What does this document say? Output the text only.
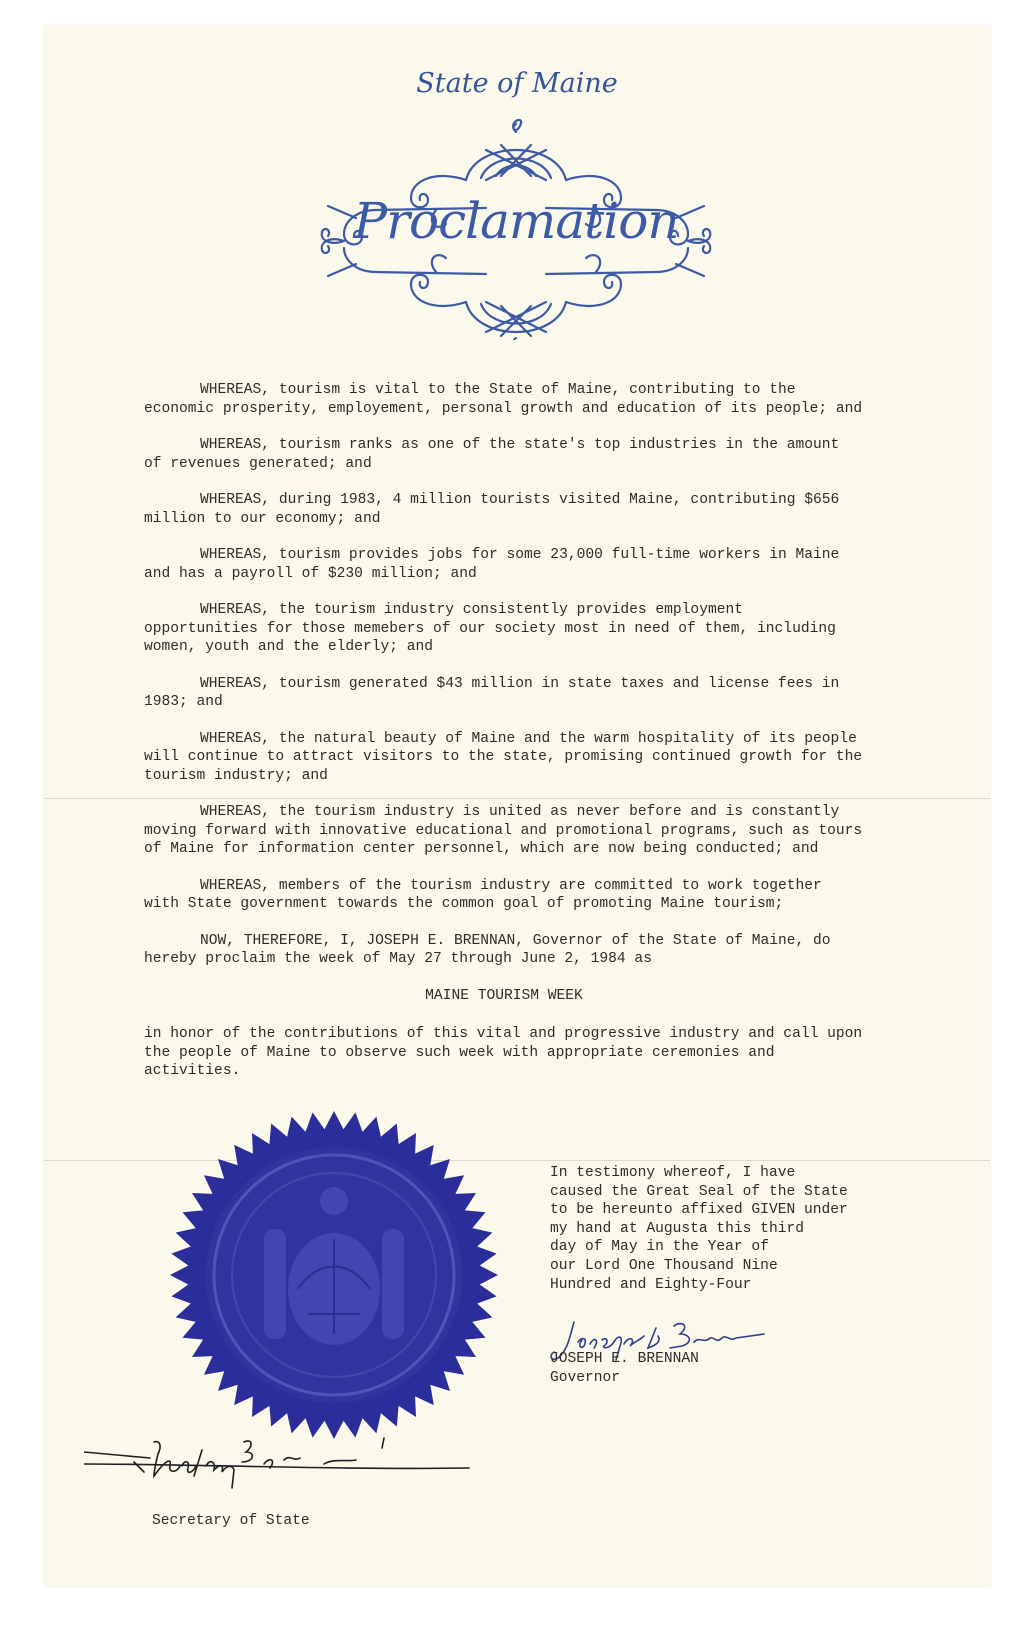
State of Maine
Proclamation

WHEREAS, tourism is vital to the State of Maine, contributing to the economic prosperity, employement, personal growth and education of its people; and

WHEREAS, tourism ranks as one of the state's top industries in the amount of revenues generated; and

WHEREAS, during 1983, 4 million tourists visited Maine, contributing $656 million to our economy; and

WHEREAS, tourism provides jobs for some 23,000 full-time workers in Maine and has a payroll of $230 million; and

WHEREAS, the tourism industry consistently provides employment opportunities for those memebers of our society most in need of them, including women, youth and the elderly; and

WHEREAS, tourism generated $43 million in state taxes and license fees in 1983; and

WHEREAS, the natural beauty of Maine and the warm hospitality of its people will continue to attract visitors to the state, promising continued growth for the tourism industry; and

WHEREAS, the tourism industry is united as never before and is constantly moving forward with innovative educational and promotional programs, such as tours of Maine for information center personnel, which are now being conducted; and

WHEREAS, members of the tourism industry are committed to work together with State government towards the common goal of promoting Maine tourism;

NOW, THEREFORE, I, JOSEPH E. BRENNAN, Governor of the State of Maine, do hereby proclaim the week of May 27 through June 2, 1984 as

MAINE TOURISM WEEK

in honor of the contributions of this vital and progressive industry and call upon the people of Maine to observe such week with appropriate ceremonies and activities.

In testimony whereof, I have
caused the Great Seal of the State
to be hereunto affixed GIVEN under
my hand at Augusta this third
day of May in the Year of
our Lord One Thousand Nine
Hundred and Eighty-Four
JOSEPH E. BRENNAN
Governor
Secretary of State
